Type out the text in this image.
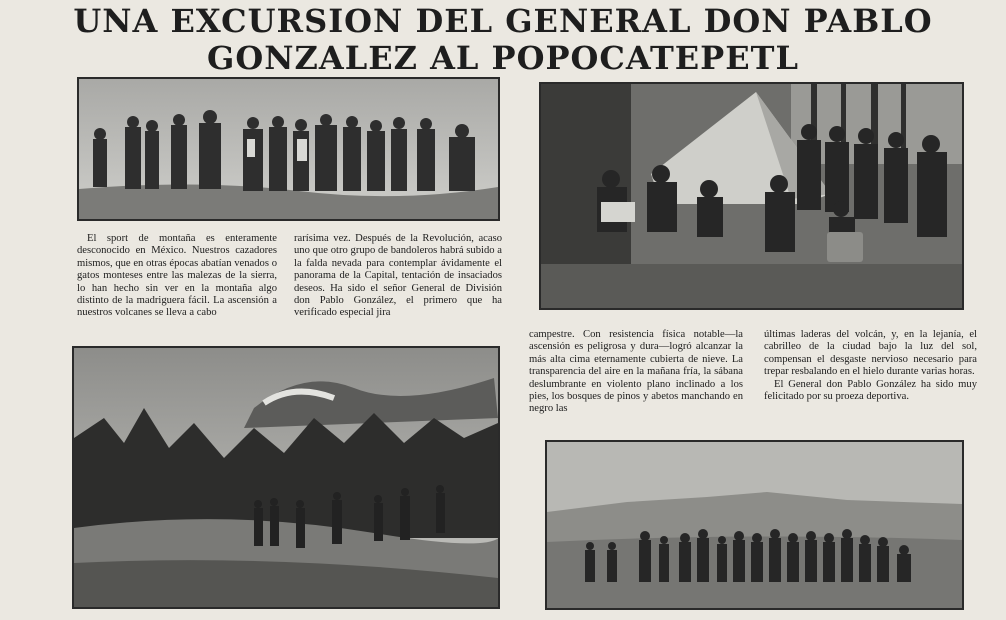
UNA EXCURSION DEL GENERAL DON PABLO
GONZALEZ AL POPOCATEPETL

El sport de montaña es enteramente desconocido en México. Nuestros cazadores mismos, que en otras épocas abatían venados o gatos monteses entre las malezas de la sierra, lo han hecho sin ver en la montaña algo distinto de la madriguera fácil. La ascensión a nuestros volcanes se lleva a cabo

rarísima vez. Después de la Revolución, acaso uno que otro grupo de bandoleros habrá subido a la falda nevada para contemplar ávidamente el panorama de la Capital, tentación de insaciados deseos. Ha sido el señor General de División don Pablo González, el primero que ha verificado especial jira

campestre. Con resistencia física notable—la ascensión es peligrosa y dura—logró alcanzar la más alta cima eternamente cubierta de nieve. La transparencia del aire en la mañana fría, la sábana deslumbrante en violento plano inclinado a los pies, los bosques de pinos y abetos manchando en negro las

últimas laderas del volcán, y, en la lejanía, el cabrilleo de la ciudad bajo la luz del sol, compensan el desgaste nervioso necesario para trepar resbalando en el hielo durante varias horas.

El General don Pablo González ha sido muy felicitado por su proeza deportiva.
